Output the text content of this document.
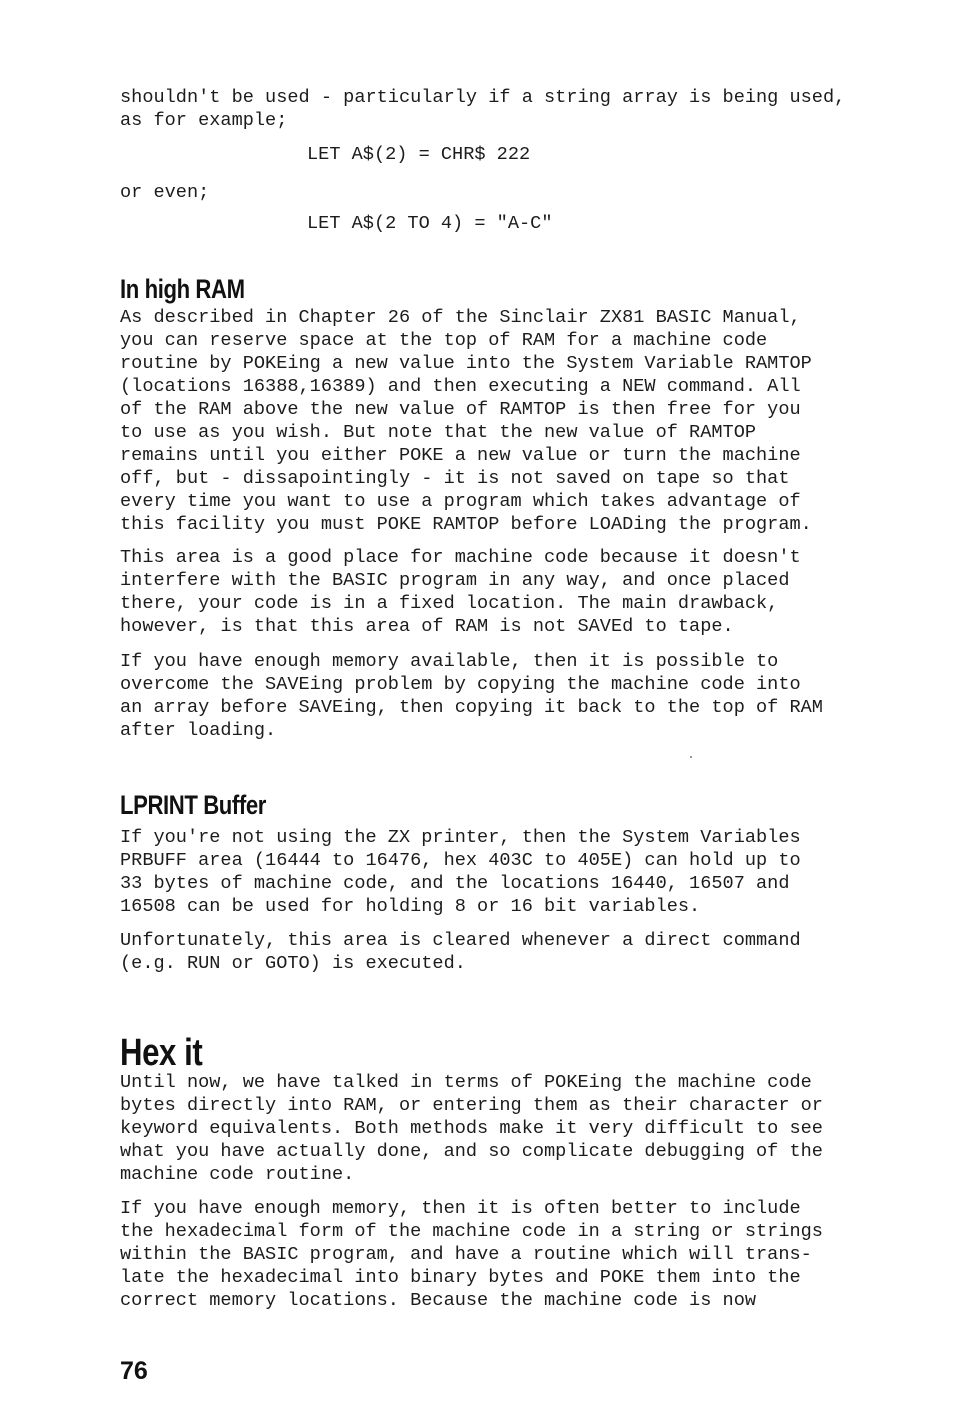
shouldn't be used - particularly if a string array is being used,
as for example;

LET A$(2) = CHR$ 222

or even;

LET A$(2 TO 4) = "A-C"

In high RAM

As described in Chapter 26 of the Sinclair ZX81 BASIC Manual,
you can reserve space at the top of RAM for a machine code
routine by POKEing a new value into the System Variable RAMTOP
(locations 16388,16389) and then executing a NEW command. All
of the RAM above the new value of RAMTOP is then free for you
to use as you wish. But note that the new value of RAMTOP
remains until you either POKE a new value or turn the machine
off, but - dissapointingly - it is not saved on tape so that
every time you want to use a program which takes advantage of
this facility you must POKE RAMTOP before LOADing the program.

This area is a good place for machine code because it doesn't
interfere with the BASIC program in any way, and once placed
there, your code is in a fixed location. The main drawback,
however, is that this area of RAM is not SAVEd to tape.

If you have enough memory available, then it is possible to
overcome the SAVEing problem by copying the machine code into
an array before SAVEing, then copying it back to the top of RAM
after loading.

LPRINT Buffer

If you're not using the ZX printer, then the System Variables
PRBUFF area (16444 to 16476, hex 403C to 405E) can hold up to
33 bytes of machine code, and the locations 16440, 16507 and
16508 can be used for holding 8 or 16 bit variables.

Unfortunately, this area is cleared whenever a direct command
(e.g. RUN or GOTO) is executed.

Hex it

Until now, we have talked in terms of POKEing the machine code
bytes directly into RAM, or entering them as their character or
keyword equivalents. Both methods make it very difficult to see
what you have actually done, and so complicate debugging of the
machine code routine.

If you have enough memory, then it is often better to include
the hexadecimal form of the machine code in a string or strings
within the BASIC program, and have a routine which will trans-
late the hexadecimal into binary bytes and POKE them into the
correct memory locations. Because the machine code is now

76
